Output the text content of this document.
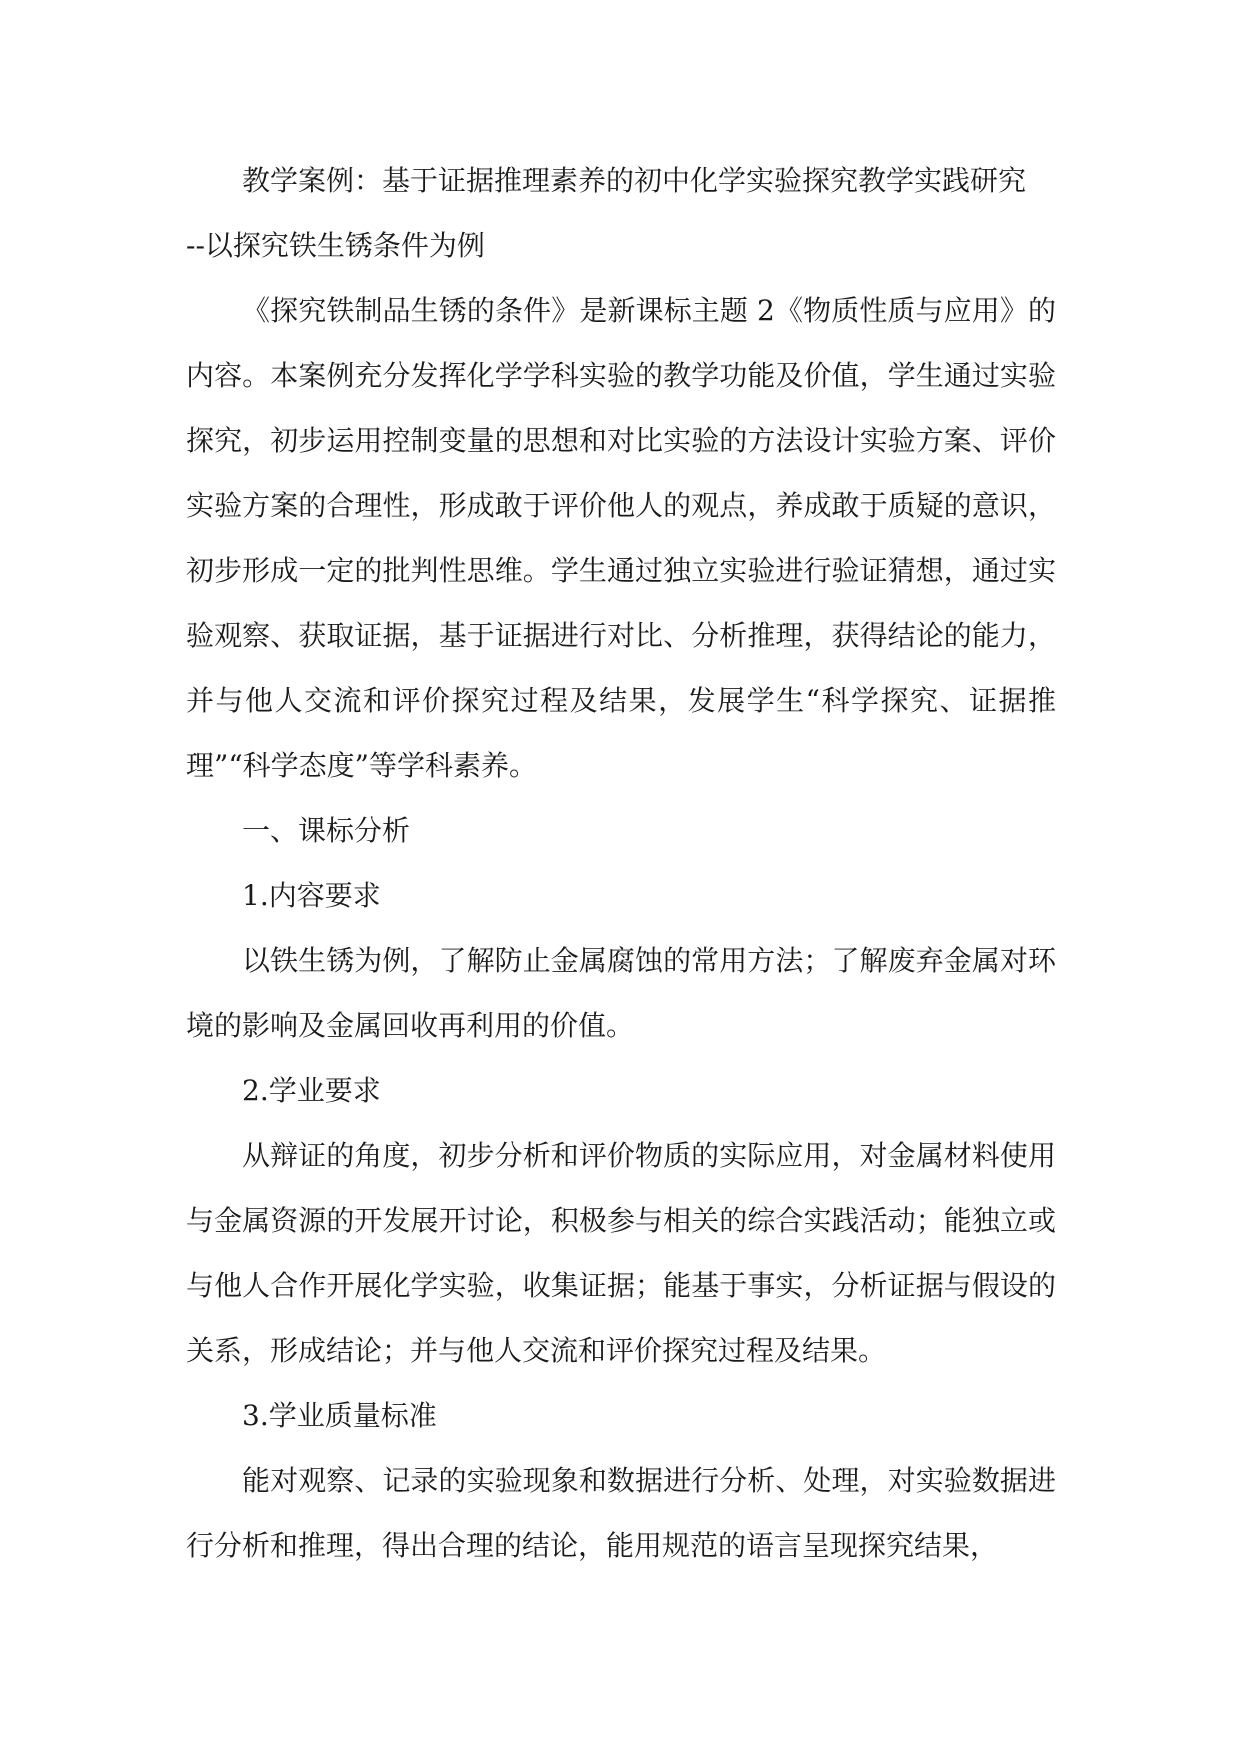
教学案例：基于证据推理素养的初中化学实验探究教学实践研究

--以探究铁生锈条件为例

《探究铁制品生锈的条件》是新课标主题 2《物质性质与应用》的内容。本案例充分发挥化学学科实验的教学功能及价值，学生通过实验探究，初步运用控制变量的思想和对比实验的方法设计实验方案、评价实验方案的合理性，形成敢于评价他人的观点，养成敢于质疑的意识，初步形成一定的批判性思维。学生通过独立实验进行验证猜想，通过实验观察、获取证据，基于证据进行对比、分析推理，获得结论的能力，并与他人交流和评价探究过程及结果，发展学生“科学探究、证据推理”“科学态度”等学科素养。

一、课标分析

1.内容要求

以铁生锈为例，了解防止金属腐蚀的常用方法；了解废弃金属对环境的影响及金属回收再利用的价值。

2.学业要求

从辩证的角度，初步分析和评价物质的实际应用，对金属材料使用与金属资源的开发展开讨论，积极参与相关的综合实践活动；能独立或与他人合作开展化学实验，收集证据；能基于事实，分析证据与假设的关系，形成结论；并与他人交流和评价探究过程及结果。

3.学业质量标准

能对观察、记录的实验现象和数据进行分析、处理，对实验数据进行分析和推理，得出合理的结论，能用规范的语言呈现探究结果，
